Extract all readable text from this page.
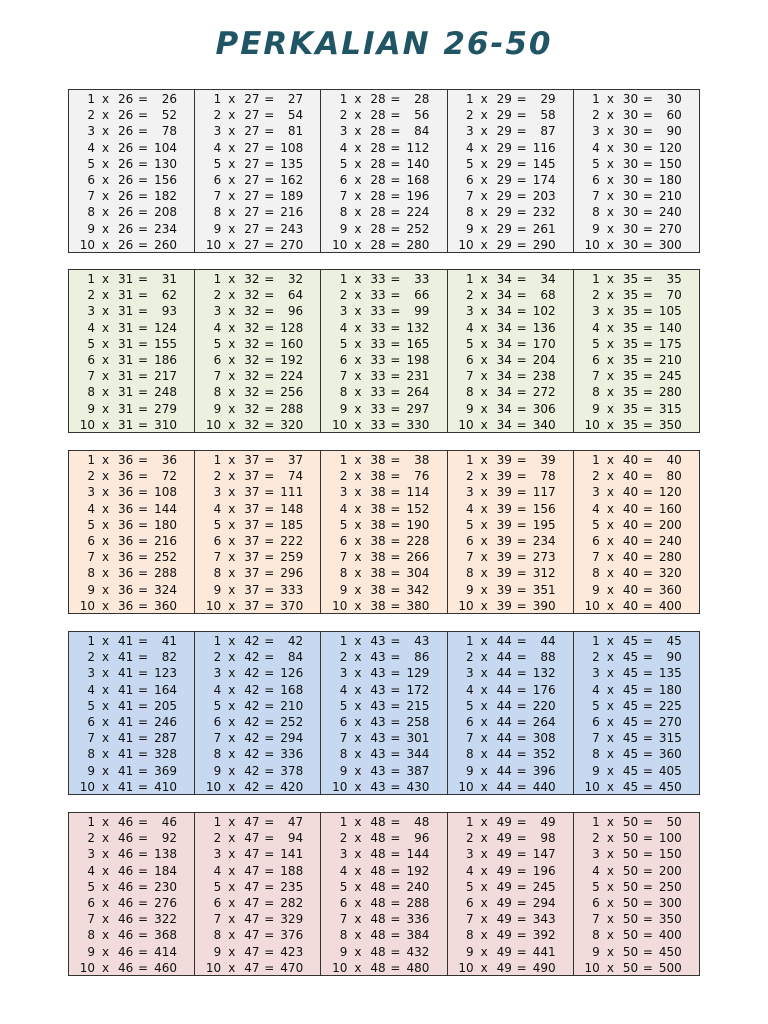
PERKALIAN 26-50
1 x 26 =	26
2 x 26 =	52
3 x 26 =	78
4 x 26 = 104
5 x 26 = 130
6 x 26 = 156
7 x 26 = 182
8 x 26 = 208
9 x 26 = 234
10 x 26 = 260
1 x 27 =	27
2 x 27 =	54
3 x 27 =	81
4 x 27 = 108
5 x 27 = 135
6 x 27 = 162
7 x 27 = 189
8 x 27 = 216
9 x 27 = 243
10 x 27 = 270
1 x 28 =	28
2 x 28 =	56
3 x 28 =	84
4 x 28 = 112
5 x 28 = 140
6 x 28 = 168
7 x 28 = 196
8 x 28 = 224
9 x 28 = 252
10 x 28 = 280
1 x 29 =	29
2 x 29 =	58
3 x 29 =	87
4 x 29 = 116
5 x 29 = 145
6 x 29 = 174
7 x 29 = 203
8 x 29 = 232
9 x 29 = 261
10 x 29 = 290
1 x 30 =	30
2 x 30 =	60
3 x 30 =	90
4 x 30 = 120
5 x 30 = 150
6 x 30 = 180
7 x 30 = 210
8 x 30 = 240
9 x 30 = 270
10 x 30 = 300
1 x 31 =	31
2 x 31 =	62
3 x 31 =	93
4 x 31 = 124
5 x 31 = 155
6 x 31 = 186
7 x 31 = 217
8 x 31 = 248
9 x 31 = 279
10 x 31 = 310
1 x 32 =	32
2 x 32 =	64
3 x 32 =	96
4 x 32 = 128
5 x 32 = 160
6 x 32 = 192
7 x 32 = 224
8 x 32 = 256
9 x 32 = 288
10 x 32 = 320
1 x 33 =	33
2 x 33 =	66
3 x 33 =	99
4 x 33 = 132
5 x 33 = 165
6 x 33 = 198
7 x 33 = 231
8 x 33 = 264
9 x 33 = 297
10 x 33 = 330
1 x 34 =	34
2 x 34 =	68
3 x 34 = 102
4 x 34 = 136
5 x 34 = 170
6 x 34 = 204
7 x 34 = 238
8 x 34 = 272
9 x 34 = 306
10 x 34 = 340
1 x 35 =	35
2 x 35 =	70
3 x 35 = 105
4 x 35 = 140
5 x 35 = 175
6 x 35 = 210
7 x 35 = 245
8 x 35 = 280
9 x 35 = 315
10 x 35 = 350
1 x 36 =	36
2 x 36 =	72
3 x 36 = 108
4 x 36 = 144
5 x 36 = 180
6 x 36 = 216
7 x 36 = 252
8 x 36 = 288
9 x 36 = 324
10 x 36 = 360
1 x 37 =	37
2 x 37 =	74
3 x 37 = 111
4 x 37 = 148
5 x 37 = 185
6 x 37 = 222
7 x 37 = 259
8 x 37 = 296
9 x 37 = 333
10 x 37 = 370
1 x 38 =	38
2 x 38 =	76
3 x 38 = 114
4 x 38 = 152
5 x 38 = 190
6 x 38 = 228
7 x 38 = 266
8 x 38 = 304
9 x 38 = 342
10 x 38 = 380
1 x 39 =	39
2 x 39 =	78
3 x 39 = 117
4 x 39 = 156
5 x 39 = 195
6 x 39 = 234
7 x 39 = 273
8 x 39 = 312
9 x 39 = 351
10 x 39 = 390
1 x 40 =	40
2 x 40 =	80
3 x 40 = 120
4 x 40 = 160
5 x 40 = 200
6 x 40 = 240
7 x 40 = 280
8 x 40 = 320
9 x 40 = 360
10 x 40 = 400
1 x 41 =	41
2 x 41 =	82
3 x 41 = 123
4 x 41 = 164
5 x 41 = 205
6 x 41 = 246
7 x 41 = 287
8 x 41 = 328
9 x 41 = 369
10 x 41 = 410
1 x 42 =	42
2 x 42 =	84
3 x 42 = 126
4 x 42 = 168
5 x 42 = 210
6 x 42 = 252
7 x 42 = 294
8 x 42 = 336
9 x 42 = 378
10 x 42 = 420
1 x 43 =	43
2 x 43 =	86
3 x 43 = 129
4 x 43 = 172
5 x 43 = 215
6 x 43 = 258
7 x 43 = 301
8 x 43 = 344
9 x 43 = 387
10 x 43 = 430
1 x 44 =	44
2 x 44 =	88
3 x 44 = 132
4 x 44 = 176
5 x 44 = 220
6 x 44 = 264
7 x 44 = 308
8 x 44 = 352
9 x 44 = 396
10 x 44 = 440
1 x 45 =	45
2 x 45 =	90
3 x 45 = 135
4 x 45 = 180
5 x 45 = 225
6 x 45 = 270
7 x 45 = 315
8 x 45 = 360
9 x 45 = 405
10 x 45 = 450
1 x 46 =	46
2 x 46 =	92
3 x 46 = 138
4 x 46 = 184
5 x 46 = 230
6 x 46 = 276
7 x 46 = 322
8 x 46 = 368
9 x 46 = 414
10 x 46 = 460
1 x 47 =	47
2 x 47 =	94
3 x 47 = 141
4 x 47 = 188
5 x 47 = 235
6 x 47 = 282
7 x 47 = 329
8 x 47 = 376
9 x 47 = 423
10 x 47 = 470
1 x 48 =	48
2 x 48 =	96
3 x 48 = 144
4 x 48 = 192
5 x 48 = 240
6 x 48 = 288
7 x 48 = 336
8 x 48 = 384
9 x 48 = 432
10 x 48 = 480
1 x 49 =	49
2 x 49 =	98
3 x 49 = 147
4 x 49 = 196
5 x 49 = 245
6 x 49 = 294
7 x 49 = 343
8 x 49 = 392
9 x 49 = 441
10 x 49 = 490
1 x 50 =	50
2 x 50 = 100
3 x 50 = 150
4 x 50 = 200
5 x 50 = 250
6 x 50 = 300
7 x 50 = 350
8 x 50 = 400
9 x 50 = 450
10 x 50 = 500
